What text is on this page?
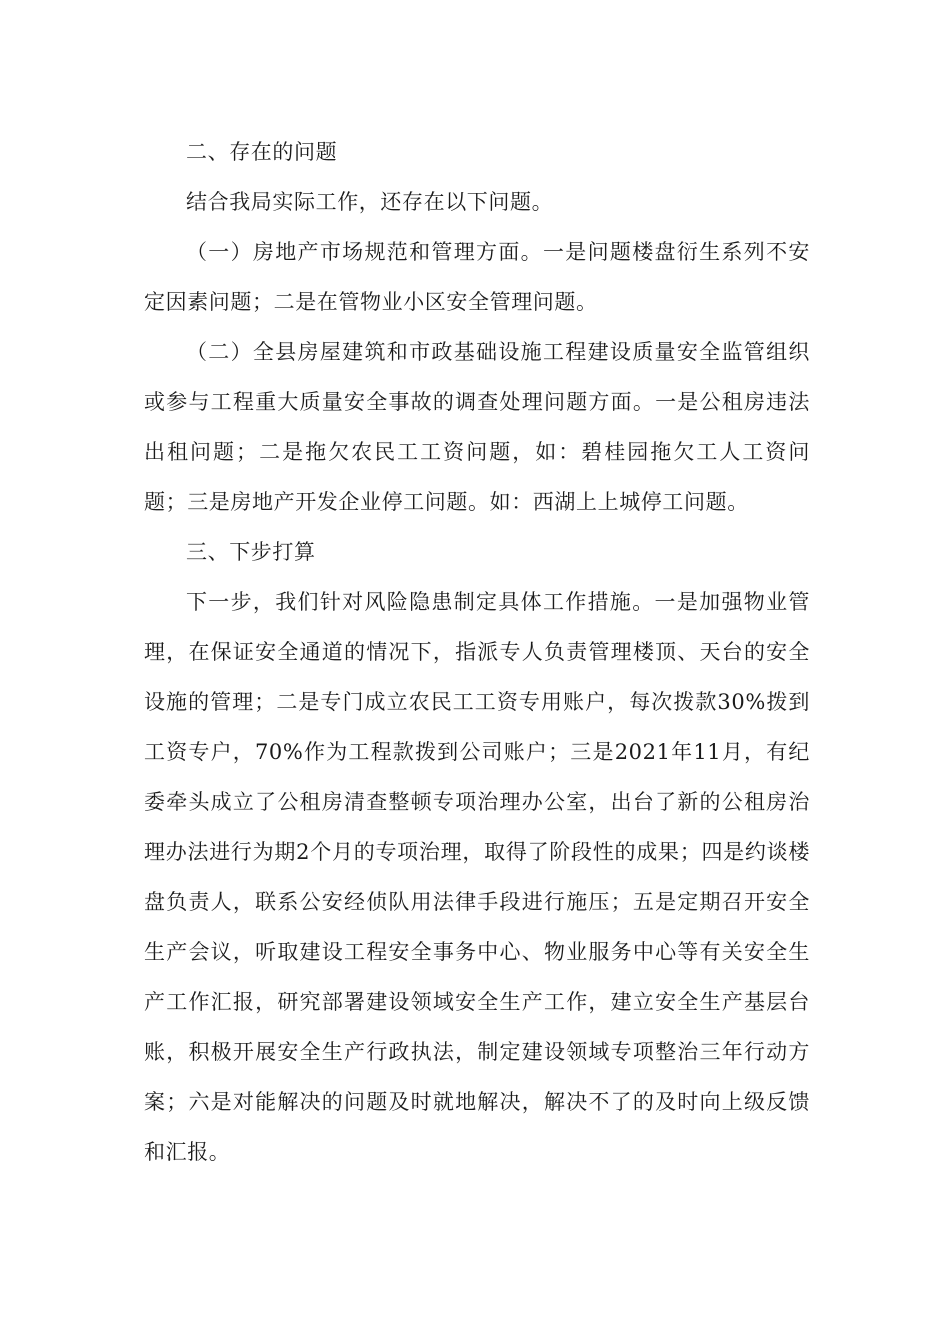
二、存在的问题

结合我局实际工作，还存在以下问题。

（一）房地产市场规范和管理方面。一是问题楼盘衍生系列不安定因素问题；二是在管物业小区安全管理问题。

（二）全县房屋建筑和市政基础设施工程建设质量安全监管组织或参与工程重大质量安全事故的调查处理问题方面。一是公租房违法出租问题；二是拖欠农民工工资问题，如：碧桂园拖欠工人工资问题；三是房地产开发企业停工问题。如：西湖上上城停工问题。

三、下步打算

下一步，我们针对风险隐患制定具体工作措施。一是加强物业管理，在保证安全通道的情况下，指派专人负责管理楼顶、天台的安全设施的管理；二是专门成立农民工工资专用账户，每次拨款30%拨到工资专户，70%作为工程款拨到公司账户；三是2021年11月，有纪委牵头成立了公租房清查整顿专项治理办公室，出台了新的公租房治理办法进行为期2个月的专项治理，取得了阶段性的成果；四是约谈楼盘负责人，联系公安经侦队用法律手段进行施压；五是定期召开安全生产会议，听取建设工程安全事务中心、物业服务中心等有关安全生产工作汇报，研究部署建设领域安全生产工作，建立安全生产基层台账，积极开展安全生产行政执法，制定建设领域专项整治三年行动方案；六是对能解决的问题及时就地解决，解决不了的及时向上级反馈和汇报。
